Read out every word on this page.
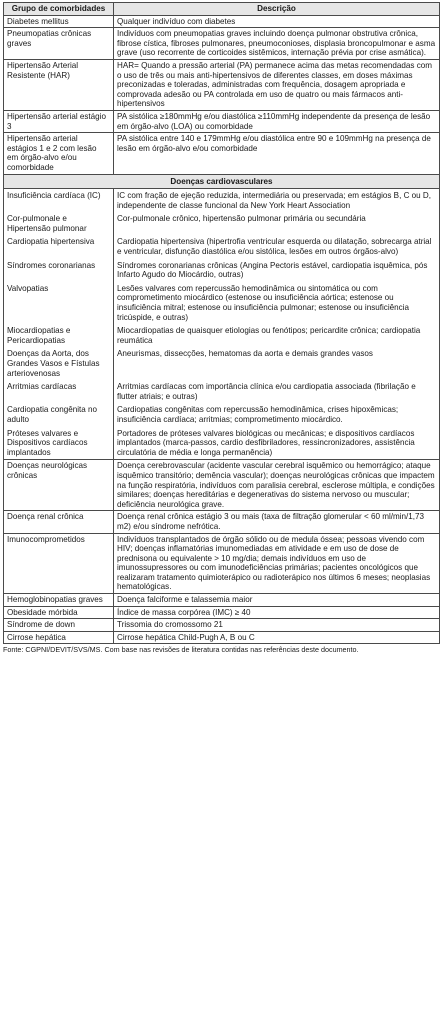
Grupo de comorbidades	Descrição
Diabetes mellitus	Qualquer indivíduo com diabetes
Pneumopatias crônicas graves	Indivíduos com pneumopatias graves incluindo doença pulmonar obstrutiva crônica, fibrose cística, fibroses pulmonares, pneumoconioses, displasia broncopulmonar e asma grave (uso recorrente de corticoides sistêmicos, internação prévia por crise asmática).
Hipertensão Arterial Resistente (HAR)	HAR= Quando a pressão arterial (PA) permanece acima das metas recomendadas com o uso de três ou mais anti-hipertensivos de diferentes classes, em doses máximas preconizadas e toleradas, administradas com frequência, dosagem apropriada e comprovada adesão ou PA controlada em uso de quatro ou mais fármacos anti-hipertensivos
Hipertensão arterial estágio 3	PA sistólica ≥180mmHg e/ou diastólica ≥110mmHg independente da presença de lesão em órgão-alvo (LOA) ou comorbidade
Hipertensão arterial estágios 1 e 2 com lesão em órgão-alvo e/ou comorbidade	PA sistólica entre 140 e 179mmHg e/ou diastólica entre 90 e 109mmHg na presença de lesão em órgão-alvo e/ou comorbidade
Doenças cardiovasculares	
Insuficiência cardíaca (IC)	IC com fração de ejeção reduzida, intermediária ou preservada; em estágios B, C ou D, independente de classe funcional da New York Heart Association
Cor-pulmonale e Hipertensão pulmonar	Cor-pulmonale crônico, hipertensão pulmonar primária ou secundária
Cardiopatia hipertensiva	Cardiopatia hipertensiva (hipertrofia ventricular esquerda ou dilatação, sobrecarga atrial e ventricular, disfunção diastólica e/ou sistólica, lesões em outros órgãos-alvo)
Síndromes coronarianas	Síndromes coronarianas crônicas (Angina Pectoris estável, cardiopatia isquêmica, pós Infarto Agudo do Miocárdio, outras)
Valvopatias	Lesões valvares com repercussão hemodinâmica ou sintomática ou com comprometimento miocárdico (estenose ou insuficiência aórtica; estenose ou insuficiência mitral; estenose ou insuficiência pulmonar; estenose ou insuficiência tricúspide, e outras)
Miocardiopatias e Pericardiopatias	Miocardiopatias de quaisquer etiologias ou fenótipos; pericardite crônica; cardiopatia reumática
Doenças da Aorta, dos Grandes Vasos e Fístulas arteriovenosas	Aneurismas, dissecções, hematomas da aorta e demais grandes vasos
Arritmias cardíacas	Arritmias cardíacas com importância clínica e/ou cardiopatia associada (fibrilação e flutter atriais; e outras)
Cardiopatia congênita no adulto	Cardiopatias congênitas com repercussão hemodinâmica, crises hipoxêmicas; insuficiência cardíaca; arritmias; comprometimento miocárdico.
Próteses valvares e Dispositivos cardíacos implantados	Portadores de próteses valvares biológicas ou mecânicas; e dispositivos cardíacos implantados (marca-passos, cardio desfibriladores, ressincronizadores, assistência circulatória de média e longa permanência)
Doenças neurológicas crônicas	Doença cerebrovascular (acidente vascular cerebral isquêmico ou hemorrágico; ataque isquêmico transitório; demência vascular); doenças neurológicas crônicas que impactem na função respiratória, indivíduos com paralisia cerebral, esclerose múltipla, e condições similares; doenças hereditárias e degenerativas do sistema nervoso ou muscular; deficiência neurológica grave.
Doença renal crônica	Doença renal crônica estágio 3 ou mais (taxa de filtração glomerular < 60 ml/min/1,73 m2) e/ou síndrome nefrótica.
Imunocomprometidos	Indivíduos transplantados de órgão sólido ou de medula óssea; pessoas vivendo com HIV; doenças inflamatórias imunomediadas em atividade e em uso de dose de prednisona ou equivalente > 10 mg/dia; demais indivíduos em uso de imunossupressores ou com imunodeficiências primárias; pacientes oncológicos que realizaram tratamento quimioterápico ou radioterápico nos últimos 6 meses; neoplasias hematológicas.
Hemoglobinopatias graves	Doença falciforme e talassemia maior
Obesidade mórbida	Índice de massa corpórea (IMC) ≥ 40
Síndrome de down	Trissomia do cromossomo 21
Cirrose hepática	Cirrose hepática Child-Pugh A, B ou C
Fonte: CGPNI/DEVIT/SVS/MS. Com base nas revisões de literatura contidas nas referências deste documento.
